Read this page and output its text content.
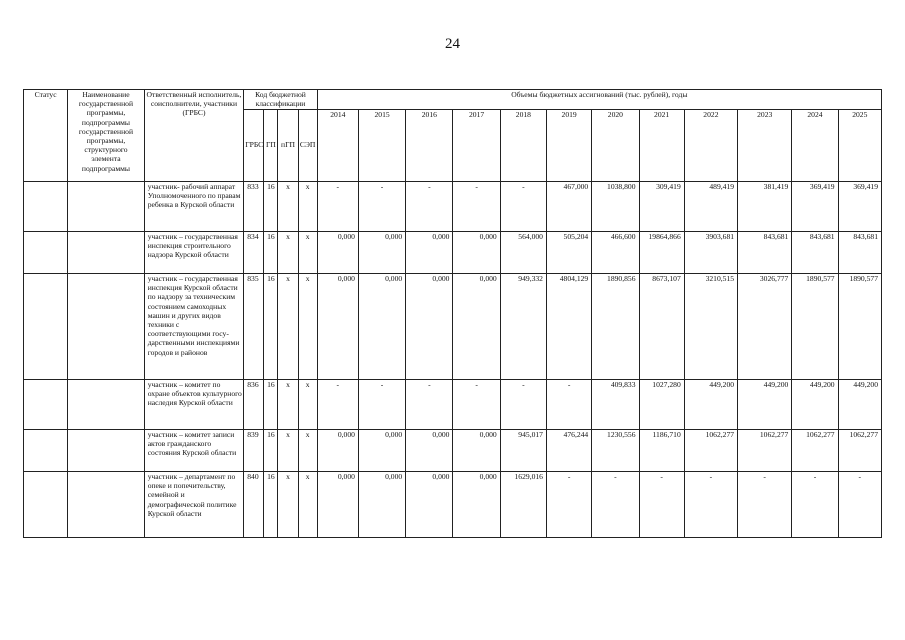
24
Статус	Наименование государственной программы, подпрограммы государственной программы, структурного элемента подпрограммы	Ответственный исполнитель, соисполнители, участники (ГРБС)	Код бюджетной классификации				Объемы бюджетных ассигнований (тыс. рублей), годы											
			ГРБС	ГП	пГП	СЭП	2014	2015	2016	2017	2018	2019	2020	2021	2022	2023	2024	2025

		участник- рабочий аппарат Уполномоченного по правам ребенка в Курской области	833	16	х	х	-	-	-	-	-	467,000	1038,800	309,419	489,419	381,419	369,419	369,419
		участник – государственная инспекция строительного надзора Курской области	834	16	х	х	0,000	0,000	0,000	0,000	564,000	505,204	466,600	19864,866	3903,681	843,681	843,681	843,681
		участник – государственная инспекция Курской области по надзору за техническим состоянием самоходных машин и других видов техники с соответствующими госу- дарственными инспекциями городов и районов	835	16	х	х	0,000	0,000	0,000	0,000	949,332	4804,129	1890,856	8673,107	3210,515	3026,777	1890,577	1890,577
		участник – комитет по охране объектов культурного наследия Курской области	836	16	х	х	-	-	-	-	-	-	409,833	1027,280	449,200	449,200	449,200	449,200
		участник – комитет записи актов гражданского состояния Курской области	839	16	х	х	0,000	0,000	0,000	0,000	945,017	476,244	1230,556	1186,710	1062,277	1062,277	1062,277	1062,277
		участник – департамент по опеке и попечительству, семейной и демографической политике Курской области	840	16	х	х	0,000	0,000	0,000	0,000	1629,016	-	-	-	-	-	-	-
